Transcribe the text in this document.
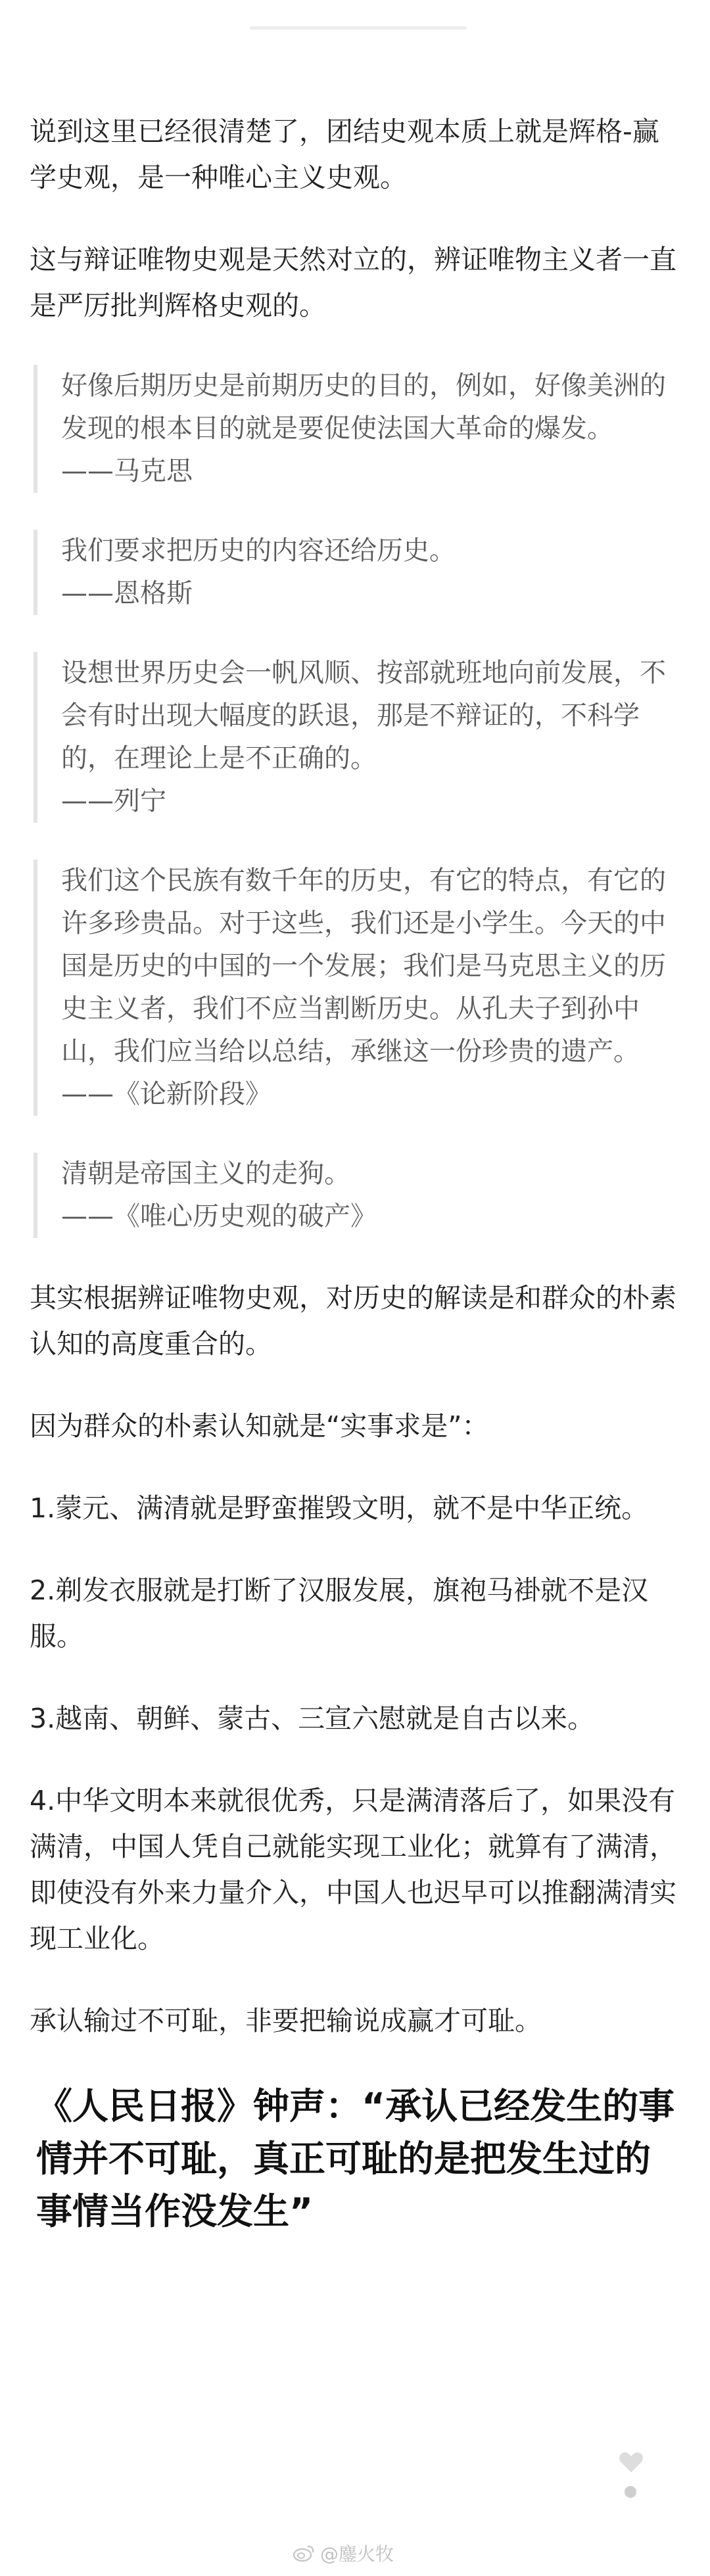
说到这里已经很清楚了，团结史观本质上就是辉格-赢学史观，是一种唯心主义史观。

这与辩证唯物史观是天然对立的，辨证唯物主义者一直是严厉批判辉格史观的。

好像后期历史是前期历史的目的，例如，好像美洲的发现的根本目的就是要促使法国大革命的爆发。
——马克思
我们要求把历史的内容还给历史。
——恩格斯
设想世界历史会一帆风顺、按部就班地向前发展，不会有时出现大幅度的跃退，那是不辩证的，不科学的，在理论上是不正确的。
——列宁
我们这个民族有数千年的历史，有它的特点，有它的许多珍贵品。对于这些，我们还是小学生。今天的中国是历史的中国的一个发展；我们是马克思主义的历史主义者，我们不应当割断历史。从孔夫子到孙中山，我们应当给以总结，承继这一份珍贵的遗产。
——《论新阶段》
清朝是帝国主义的走狗。
——《唯心历史观的破产》

其实根据辨证唯物史观，对历史的解读是和群众的朴素认知的高度重合的。

因为群众的朴素认知就是“实事求是”：

1.蒙元、满清就是野蛮摧毁文明，就不是中华正统。

2.剃发衣服就是打断了汉服发展，旗袍马褂就不是汉服。

3.越南、朝鲜、蒙古、三宣六慰就是自古以来。

4.中华文明本来就很优秀，只是满清落后了，如果没有满清，中国人凭自己就能实现工业化；就算有了满清，即使没有外来力量介入，中国人也迟早可以推翻满清实现工业化。

承认输过不可耻，非要把输说成赢才可耻。

《人民日报》钟声：“承认已经发生的事情并不可耻，真正可耻的是把发生过的事情当作没发生”
@鏖火牧
